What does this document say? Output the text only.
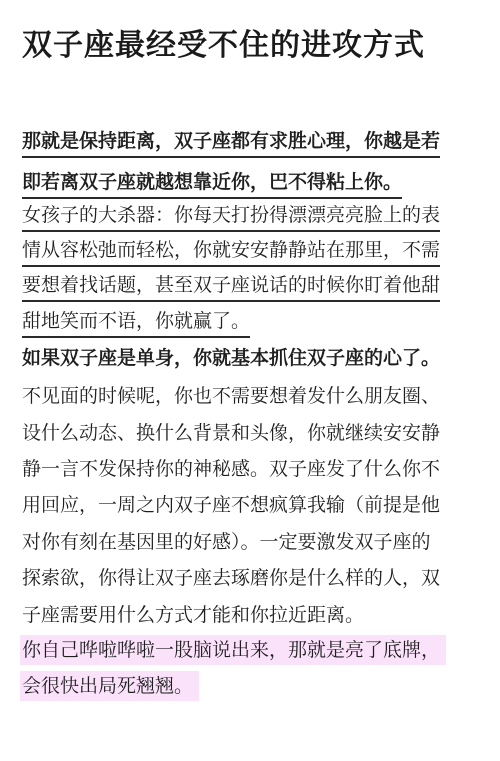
双子座最经受不住的进攻方式
那就是保持距离，双子座都有求胜心理，你越是若
即若离双子座就越想靠近你，巴不得粘上你。
女孩子的大杀器：你每天打扮得漂漂亮亮脸上的表
情从容松弛而轻松，你就安安静静站在那里，不需
要想着找话题，甚至双子座说话的时候你盯着他甜
甜地笑而不语，你就赢了。
如果双子座是单身，你就基本抓住双子座的心了。
不见面的时候呢，你也不需要想着发什么朋友圈、
设什么动态、换什么背景和头像，你就继续安安静
静一言不发保持你的神秘感。双子座发了什么你不
用回应，一周之内双子座不想疯算我输（前提是他
对你有刻在基因里的好感）。一定要激发双子座的
探索欲，你得让双子座去琢磨你是什么样的人，双
子座需要用什么方式才能和你拉近距离。
你自己哗啦哗啦一股脑说出来，那就是亮了底牌，
会很快出局死翘翘。
